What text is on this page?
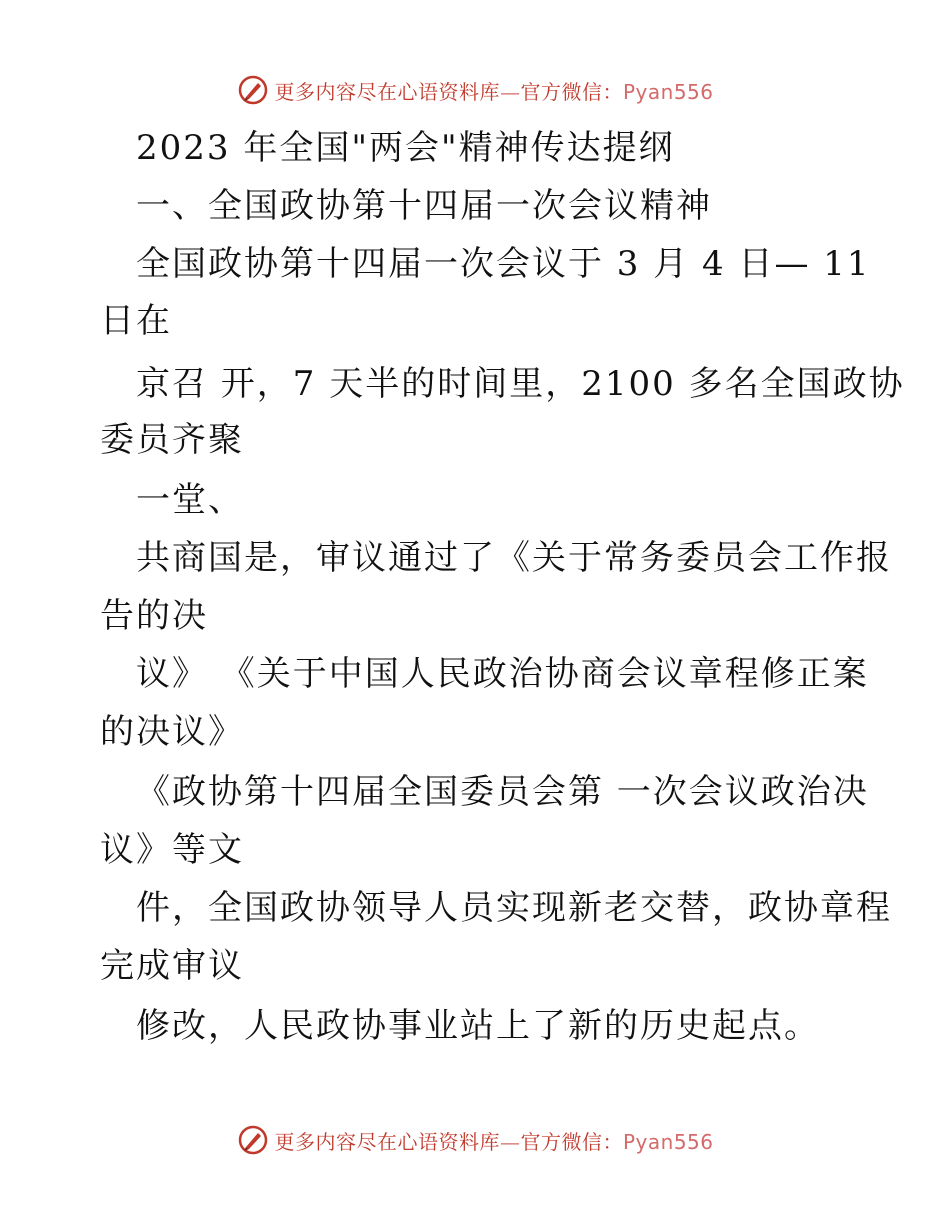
更多内容尽在心语资料库—官方微信：Pyan556
2023 年全国"两会"精神传达提纲
一、全国政协第十四届一次会议精神
全国政协第十四届一次会议于 3 月 4 日— 11
日在
京召 开，7 天半的时间里，2100 多名全国政协
委员齐聚
一堂、
共商国是，审议通过了《关于常务委员会工作报
告的决
议》 《关于中国人民政治协商会议章程修正案
的决议》
《政协第十四届全国委员会第 一次会议政治决
议》等文
件，全国政协领导人员实现新老交替，政协章程
完成审议
修改，人民政协事业站上了新的历史起点。
更多内容尽在心语资料库—官方微信：Pyan556
